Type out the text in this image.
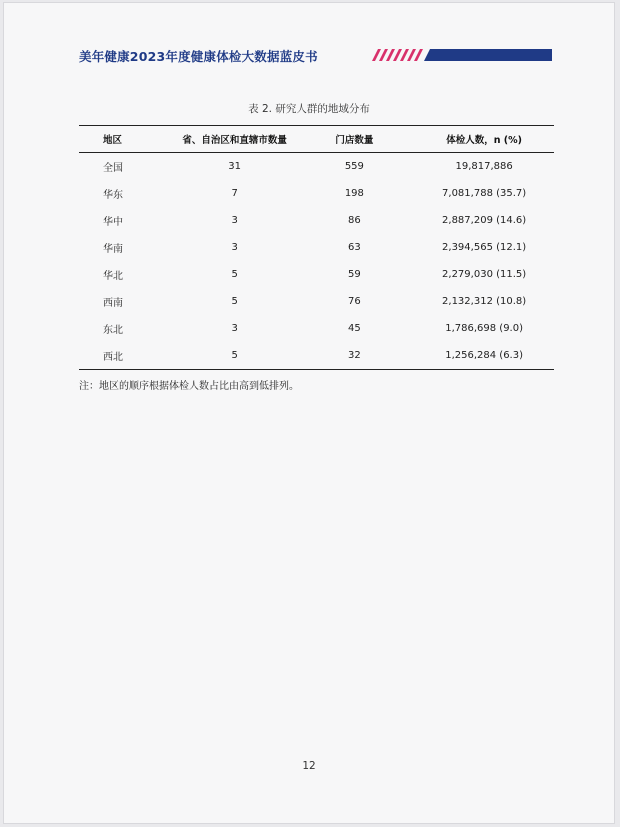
美年健康2023年度健康体检大数据蓝皮书
表 2. 研究人群的地域分布
地区	省、自治区和直辖市数量	门店数量	体检人数，n (%)
全国	31	559	19,817,886
华东	7	198	7,081,788 (35.7)
华中	3	86	2,887,209 (14.6)
华南	3	63	2,394,565 (12.1)
华北	5	59	2,279,030 (11.5)
西南	5	76	2,132,312 (10.8)
东北	3	45	1,786,698 (9.0)
西北	5	32	1,256,284 (6.3)
注：地区的顺序根据体检人数占比由高到低排列。
12
